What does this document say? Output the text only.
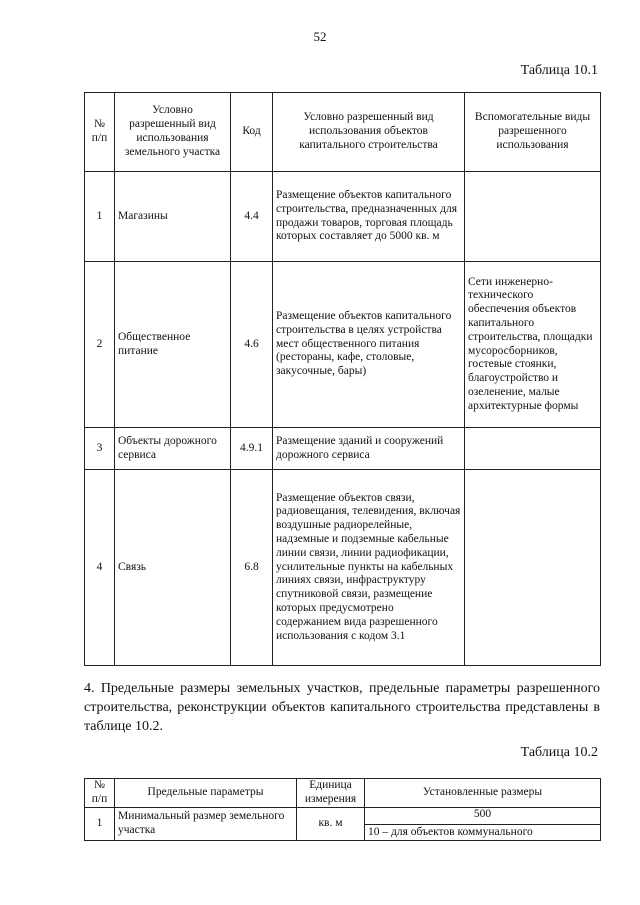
52
Таблица 10.1
№ п/п	Условно разрешенный вид использования земельного участка	Код	Условно разрешенный вид использования объектов капитального строительства	Вспомогательные виды разрешенного использования
1	Магазины	4.4	Размещение объектов капитального строительства, предназначенных для продажи товаров, торговая площадь которых составляет до 5000 кв. м	
2	Общественное питание	4.6	Размещение объектов капитального строительства в целях устройства мест общественного питания (рестораны, кафе, столовые, закусочные, бары)	Сети инженерно-технического обеспечения объектов капитального строительства, площадки мусоросборников, гостевые стоянки, благоустройство и озеленение, малые архитектурные формы
3	Объекты дорожного сервиса	4.9.1	Размещение зданий и сооружений дорожного сервиса	
4	Связь	6.8	Размещение объектов связи, радиовещания, телевидения, включая воздушные радиорелейные, надземные и подземные кабельные линии связи, линии радиофикации, усилительные пункты на кабельных линиях связи, инфраструктуру спутниковой связи, размещение которых предусмотрено содержанием вида разрешенного использования с кодом 3.1	
4. Предельные размеры земельных участков, предельные параметры разрешенного строительства, реконструкции объектов капитального строительства представлены в таблице 10.2.
Таблица 10.2
№ п/п	Предельные параметры	Единица измерения	Установленные размеры
1	Минимальный размер земельного участка	кв. м	500
10 – для объектов коммунального
